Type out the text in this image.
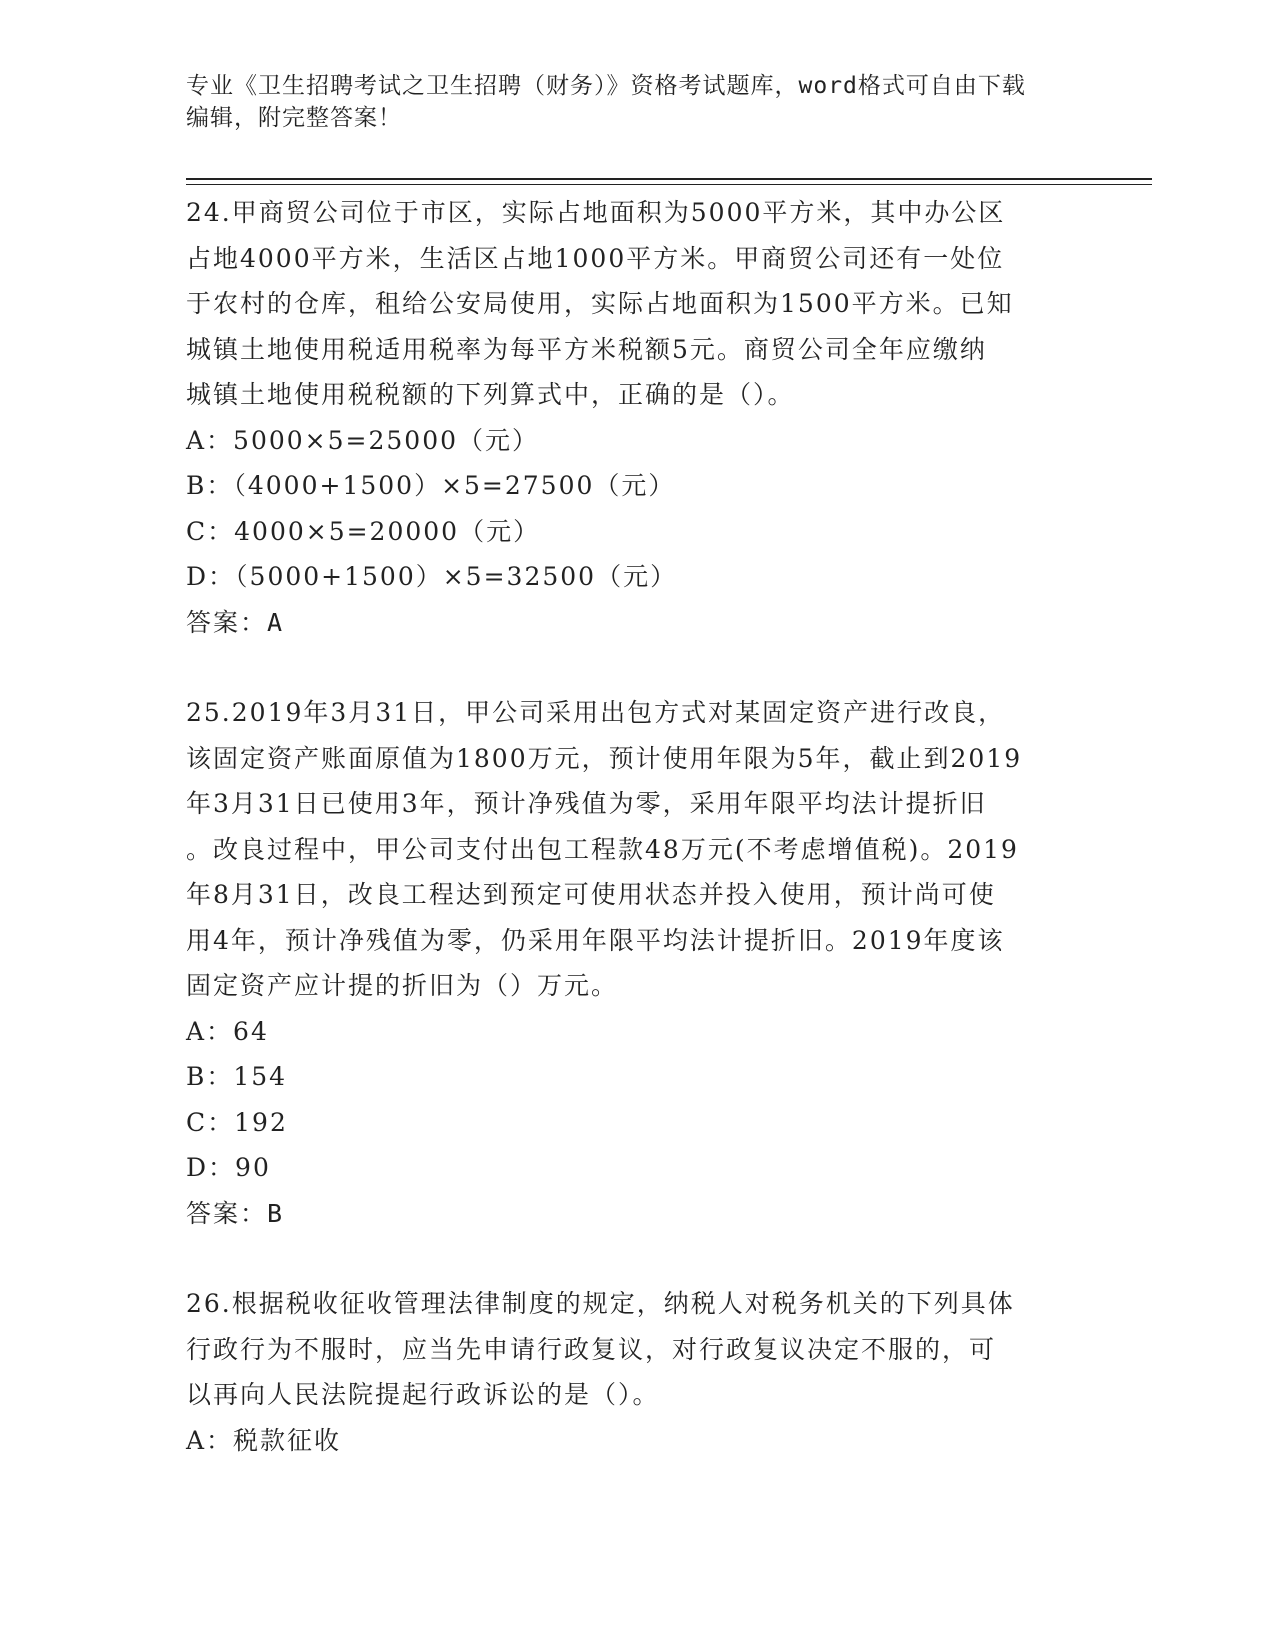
专业《卫生招聘考试之卫生招聘（财务）》资格考试题库，word格式可自由下载
编辑，附完整答案！
24.甲商贸公司位于市区，实际占地面积为5000平方米，其中办公区
占地4000平方米，生活区占地1000平方米。甲商贸公司还有一处位
于农村的仓库，租给公安局使用，实际占地面积为1500平方米。已知
城镇土地使用税适用税率为每平方米税额5元。商贸公司全年应缴纳
城镇土地使用税税额的下列算式中，正确的是（）。
A：5000×5=25000（元）
B：（4000+1500）×5=27500（元）
C：4000×5=20000（元）
D：（5000+1500）×5=32500（元）
答案：A
25.2019年3月31日，甲公司采用出包方式对某固定资产进行改良，
该固定资产账面原值为1800万元，预计使用年限为5年，截止到2019
年3月31日已使用3年，预计净残值为零，采用年限平均法计提折旧
。改良过程中，甲公司支付出包工程款48万元(不考虑增值税)。2019
年8月31日，改良工程达到预定可使用状态并投入使用，预计尚可使
用4年，预计净残值为零，仍采用年限平均法计提折旧。2019年度该
固定资产应计提的折旧为（）万元。
A：64
B：154
C：192
D：90
答案：B
26.根据税收征收管理法律制度的规定，纳税人对税务机关的下列具体
行政行为不服时，应当先申请行政复议，对行政复议决定不服的，可
以再向人民法院提起行政诉讼的是（）。
A：税款征收
